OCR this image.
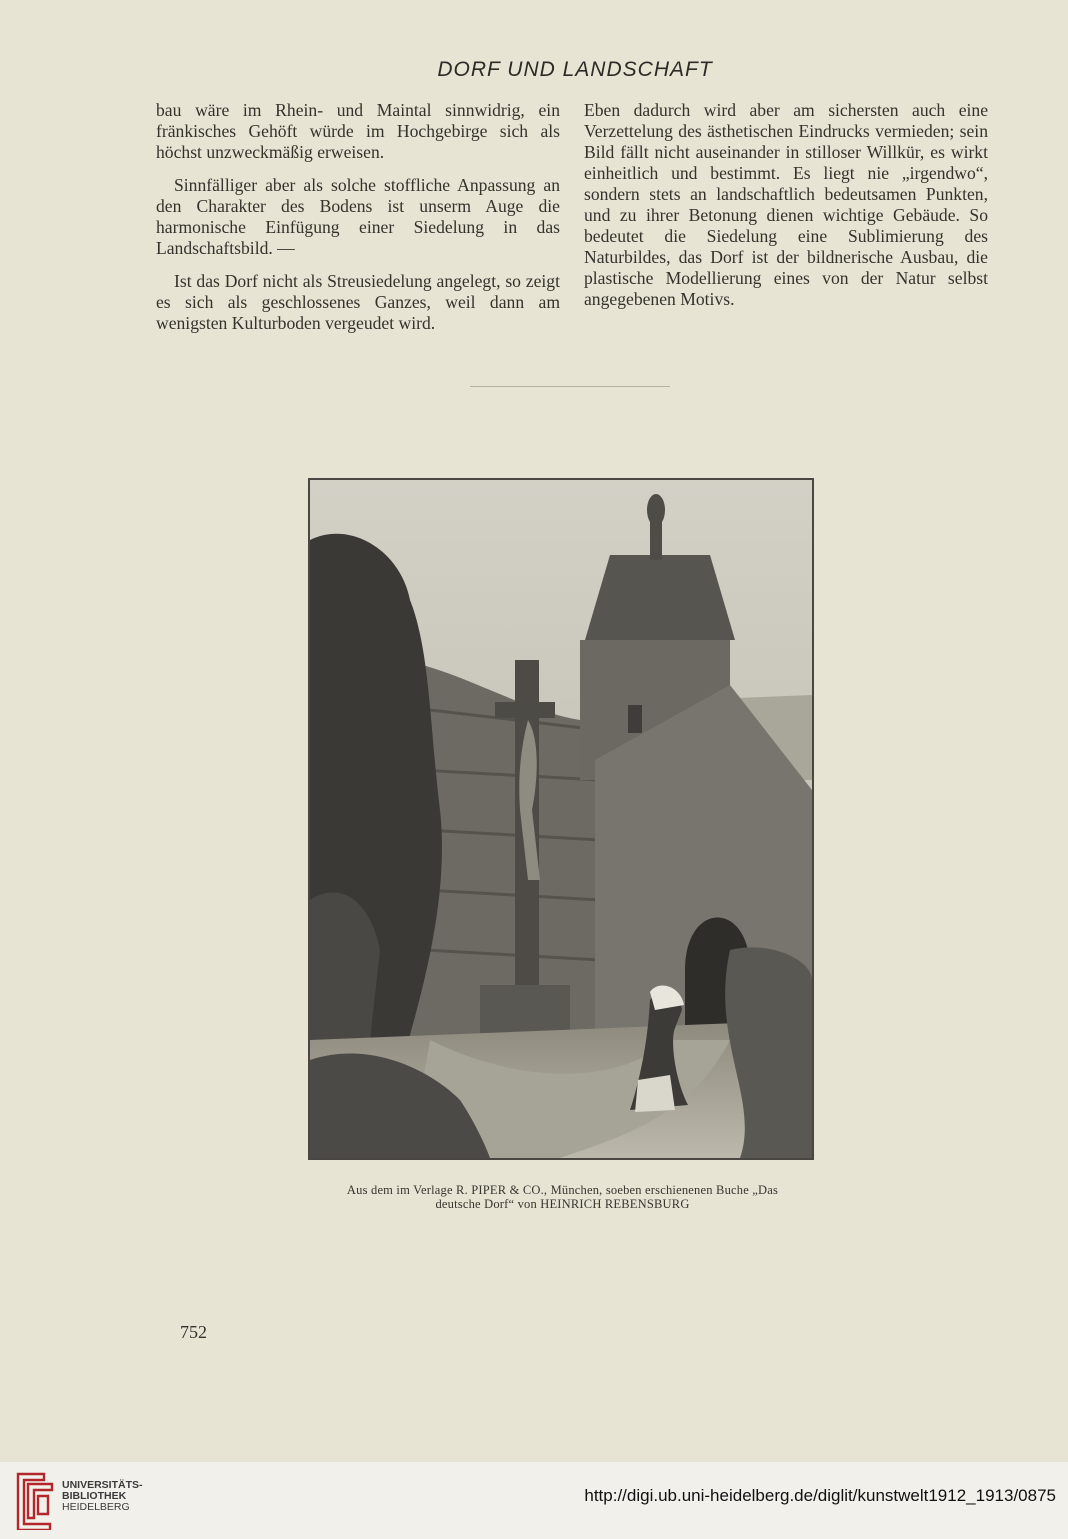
DORF UND LANDSCHAFT

bau wäre im Rhein- und Maintal sinnwidrig, ein fränkisches Gehöft würde im Hochgebirge sich als höchst unzweckmäßig erweisen.

Sinnfälliger aber als solche stoffliche Anpassung an den Charakter des Bodens ist unserm Auge die harmonische Einfügung einer Siedelung in das Landschaftsbild. —

Ist das Dorf nicht als Streusiedelung angelegt, so zeigt es sich als geschlossenes Ganzes, weil dann am wenigsten Kulturboden vergeudet wird.

Eben dadurch wird aber am sichersten auch eine Verzettelung des ästhetischen Eindrucks vermieden; sein Bild fällt nicht auseinander in stilloser Willkür, es wirkt einheitlich und bestimmt. Es liegt nie „irgendwo“, sondern stets an landschaftlich bedeutsamen Punkten, und zu ihrer Betonung dienen wichtige Gebäude. So bedeutet die Siedelung eine Sublimierung des Naturbildes, das Dorf ist der bildnerische Ausbau, die plastische Modellierung eines von der Natur selbst angegebenen Motivs.

Aus dem im Verlage R. PIPER & CO., München, soeben erschienenen Buche „Das
deutsche Dorf“ von HEINRICH REBENSBURG
752
UNIVERSITÄTS-
BIBLIOTHEK
HEIDELBERG
http://digi.ub.uni-heidelberg.de/diglit/kunstwelt1912_1913/0875
